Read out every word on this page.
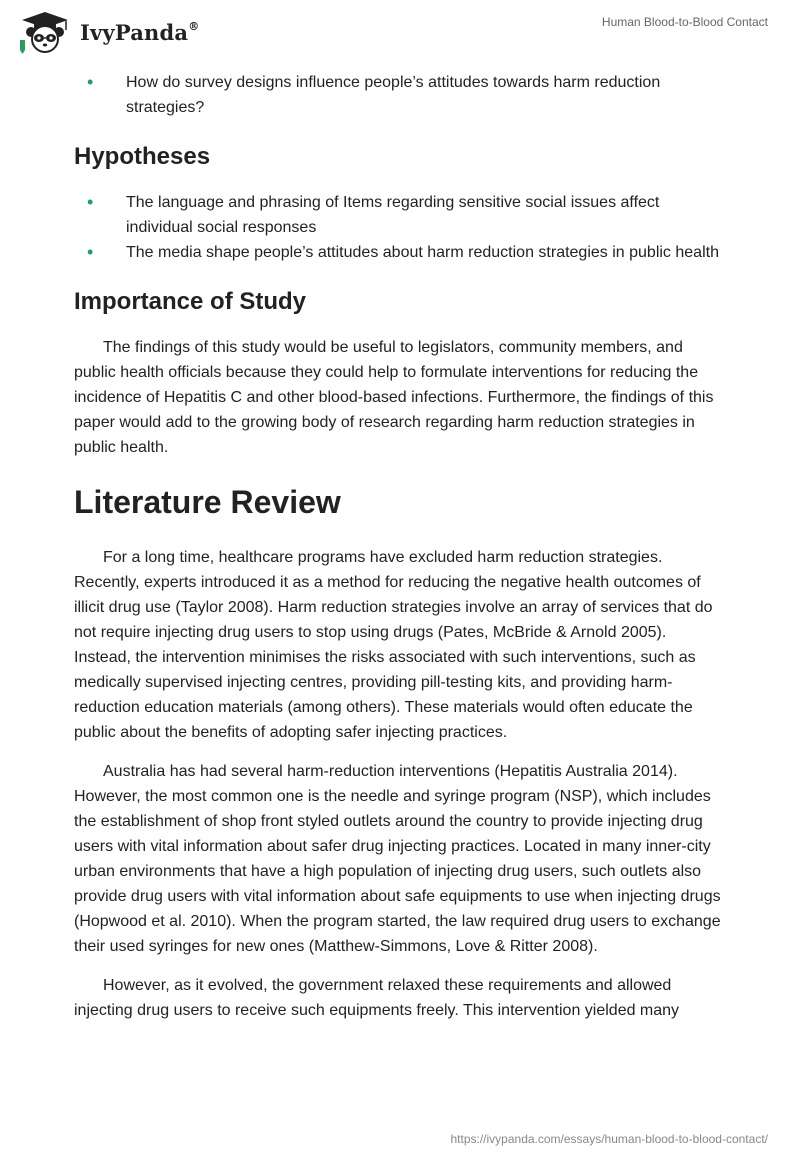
IvyPanda®	Human Blood-to-Blood Contact
• How do survey designs influence people’s attitudes towards harm reduction strategies?
Hypotheses
• The language and phrasing of Items regarding sensitive social issues affect individual social responses
• The media shape people’s attitudes about harm reduction strategies in public health
Importance of Study

The findings of this study would be useful to legislators, community members, and public health officials because they could help to formulate interventions for reducing the incidence of Hepatitis C and other blood-based infections. Furthermore, the findings of this paper would add to the growing body of research regarding harm reduction strategies in public health.

Literature Review

For a long time, healthcare programs have excluded harm reduction strategies. Recently, experts introduced it as a method for reducing the negative health outcomes of illicit drug use (Taylor 2008). Harm reduction strategies involve an array of services that do not require injecting drug users to stop using drugs (Pates, McBride & Arnold 2005). Instead, the intervention minimises the risks associated with such interventions, such as medically supervised injecting centres, providing pill-testing kits, and providing harm-reduction education materials (among others). These materials would often educate the public about the benefits of adopting safer injecting practices.

Australia has had several harm-reduction interventions (Hepatitis Australia 2014). However, the most common one is the needle and syringe program (NSP), which includes the establishment of shop front styled outlets around the country to provide injecting drug users with vital information about safer drug injecting practices. Located in many inner-city urban environments that have a high population of injecting drug users, such outlets also provide drug users with vital information about safe equipments to use when injecting drugs (Hopwood et al. 2010). When the program started, the law required drug users to exchange their used syringes for new ones (Matthew-Simmons, Love & Ritter 2008).

However, as it evolved, the government relaxed these requirements and allowed injecting drug users to receive such equipments freely. This intervention yielded many

https://ivypanda.com/essays/human-blood-to-blood-contact/
